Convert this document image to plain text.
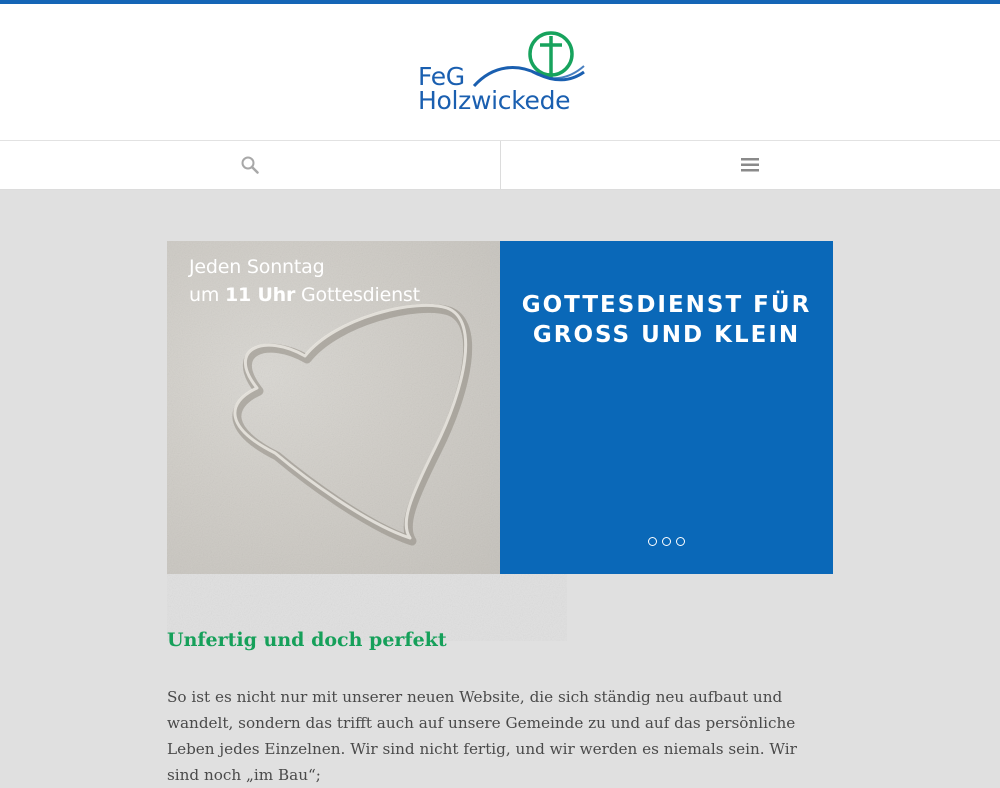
FeG
Holzwickede
Jeden Sonntag
um 11 Uhr Gottesdienst	GOTTESDIENST FÜR
GROSS UND KLEIN
Unfertig und doch perfekt

So ist es nicht nur mit unserer neuen Website, die sich ständig neu aufbaut und wandelt, sondern das trifft auch auf unsere Gemeinde zu und auf das persönliche Leben jedes Einzelnen. Wir sind nicht fertig, und wir werden es niemals sein. Wir sind noch „im Bau“;
